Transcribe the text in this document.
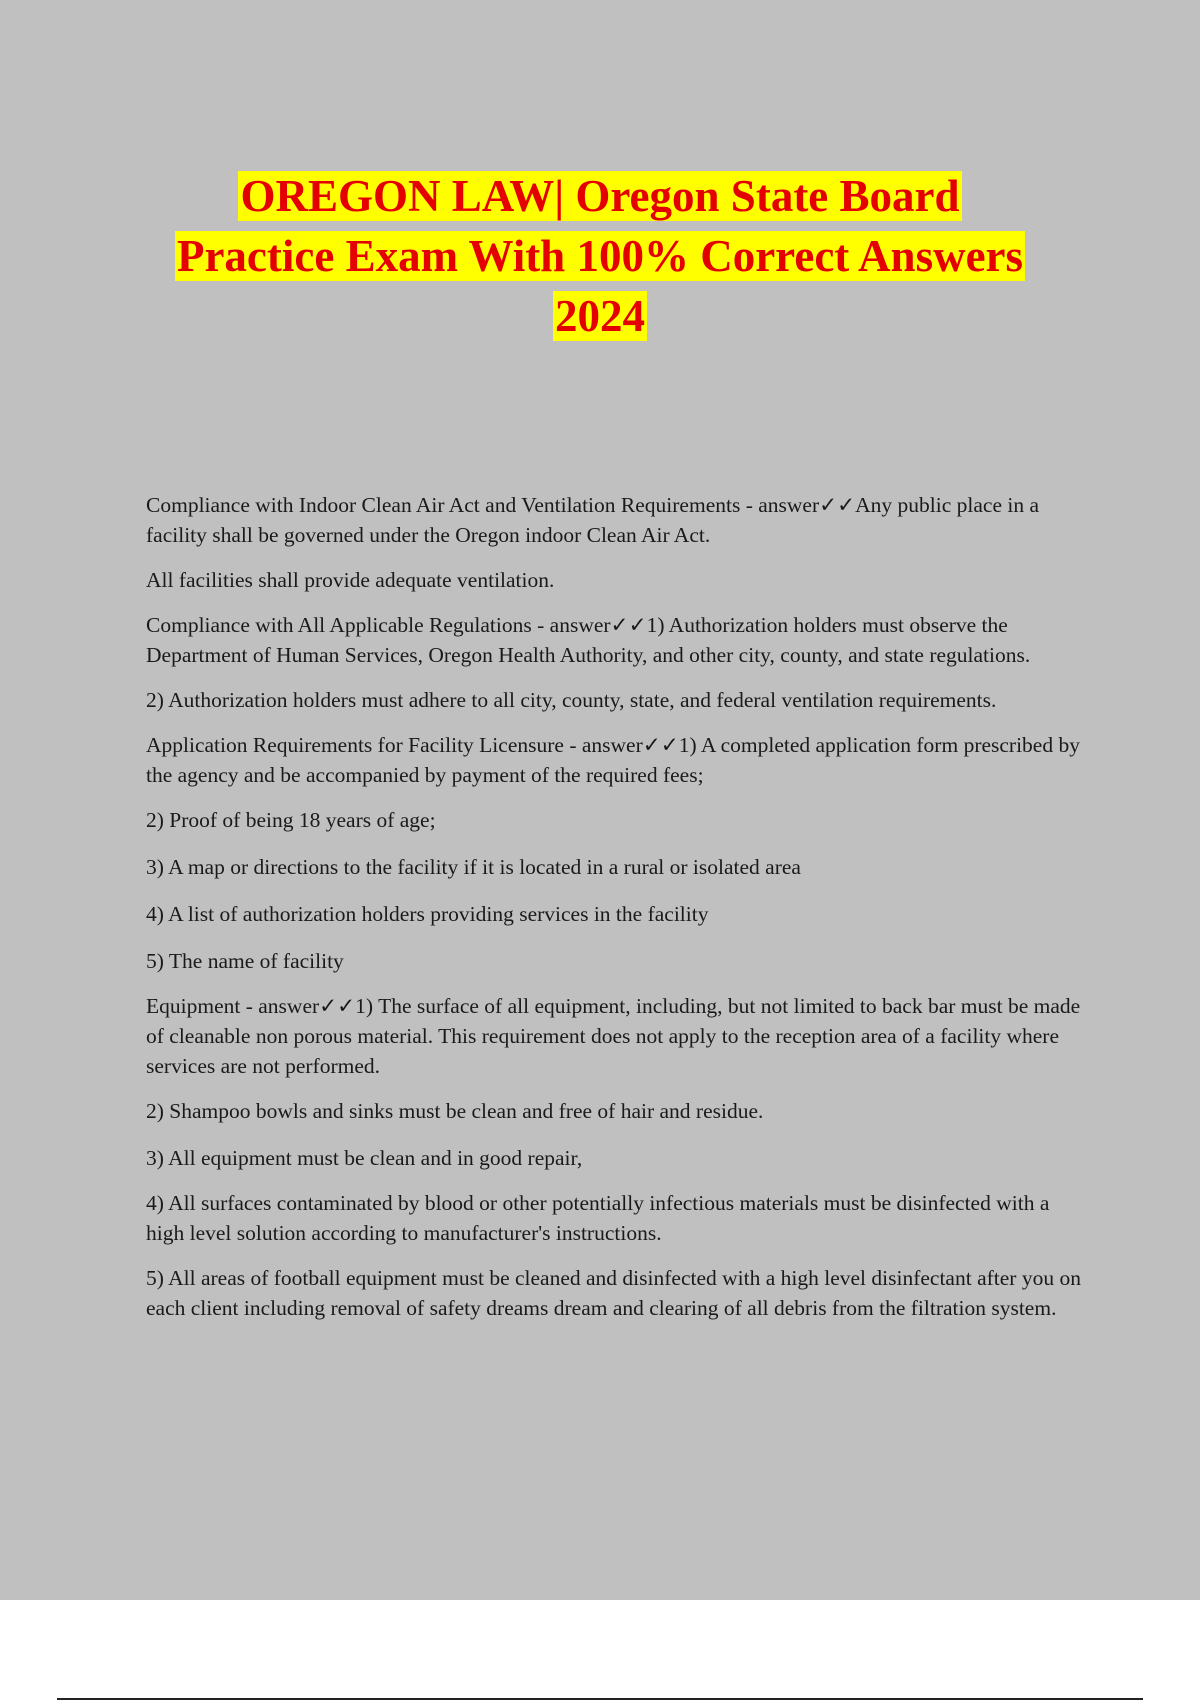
OREGON LAW| Oregon State Board
Practice Exam With 100% Correct Answers
2024

Compliance with Indoor Clean Air Act and Ventilation Requirements - answer✓✓Any public place in a facility shall be governed under the Oregon indoor Clean Air Act.

All facilities shall provide adequate ventilation.

Compliance with All Applicable Regulations - answer✓✓1) Authorization holders must observe the Department of Human Services, Oregon Health Authority, and other city, county, and state regulations.

2) Authorization holders must adhere to all city, county, state, and federal ventilation requirements.

Application Requirements for Facility Licensure - answer✓✓1) A completed application form prescribed by the agency and be accompanied by payment of the required fees;

2) Proof of being 18 years of age;

3) A map or directions to the facility if it is located in a rural or isolated area

4) A list of authorization holders providing services in the facility

5) The name of facility

Equipment - answer✓✓1) The surface of all equipment, including, but not limited to back bar must be made of cleanable non porous material. This requirement does not apply to the reception area of a facility where services are not performed.

2) Shampoo bowls and sinks must be clean and free of hair and residue.

3) All equipment must be clean and in good repair,

4) All surfaces contaminated by blood or other potentially infectious materials must be disinfected with a high level solution according to manufacturer's instructions.

5) All areas of football equipment must be cleaned and disinfected with a high level disinfectant after you on each client including removal of safety dreams dream and clearing of all debris from the filtration system.
